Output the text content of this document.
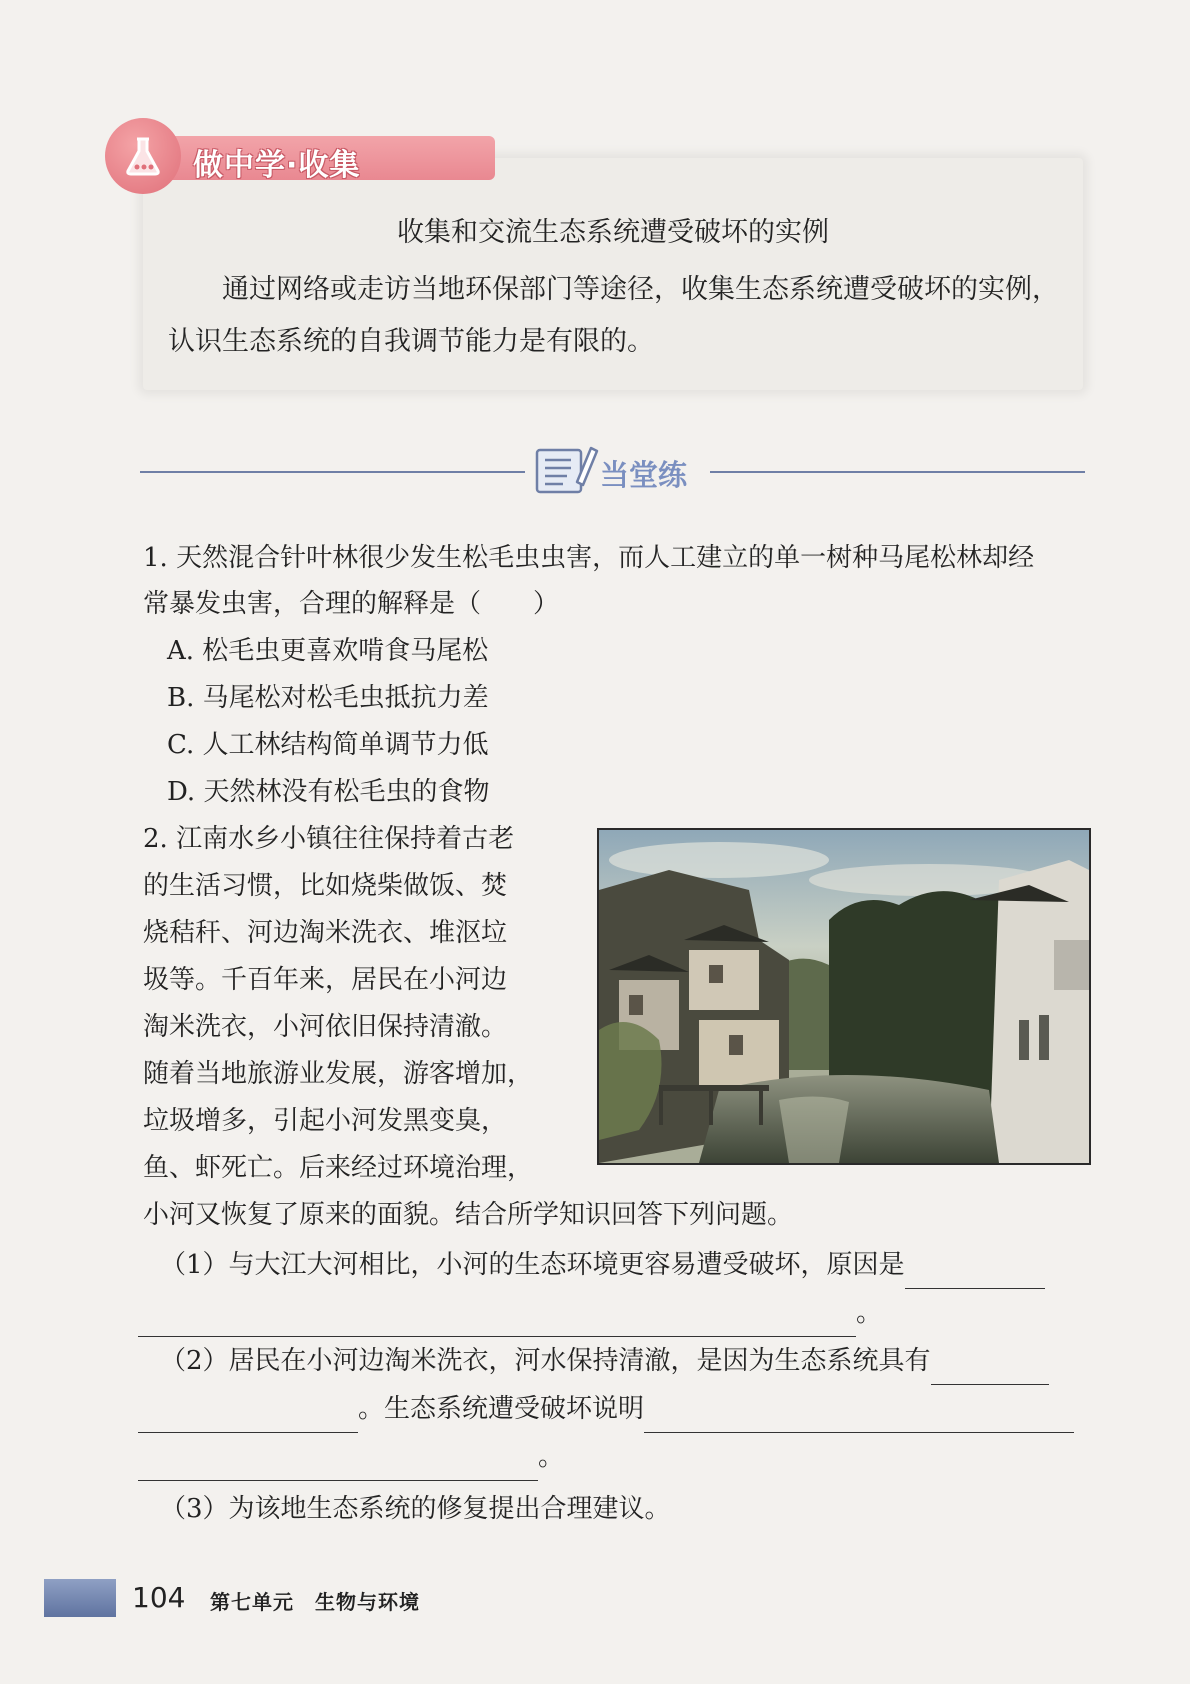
做中学·收集
收集和交流生态系统遭受破坏的实例
通过网络或走访当地环保部门等途径，收集生态系统遭受破坏的实例，认识生态系统的自我调节能力是有限的。
当堂练
1. 天然混合针叶林很少发生松毛虫虫害，而人工建立的单一树种马尾松林却经
常暴发虫害，合理的解释是（　　）
A. 松毛虫更喜欢啃食马尾松
B. 马尾松对松毛虫抵抗力差
C. 人工林结构简单调节力低
D. 天然林没有松毛虫的食物
2. 江南水乡小镇往往保持着古老
的生活习惯，比如烧柴做饭、焚
烧秸秆、河边淘米洗衣、堆沤垃
圾等。千百年来，居民在小河边
淘米洗衣，小河依旧保持清澈。
随着当地旅游业发展，游客增加，
垃圾增多，引起小河发黑变臭，
鱼、虾死亡。后来经过环境治理，
小河又恢复了原来的面貌。结合所学知识回答下列问题。
（1）与大江大河相比，小河的生态环境更容易遭受破坏，原因是
。
（2）居民在小河边淘米洗衣，河水保持清澈，是因为生态系统具有
。生态系统遭受破坏说明
。
（3）为该地生态系统的修复提出合理建议。
104 第七单元　生物与环境
